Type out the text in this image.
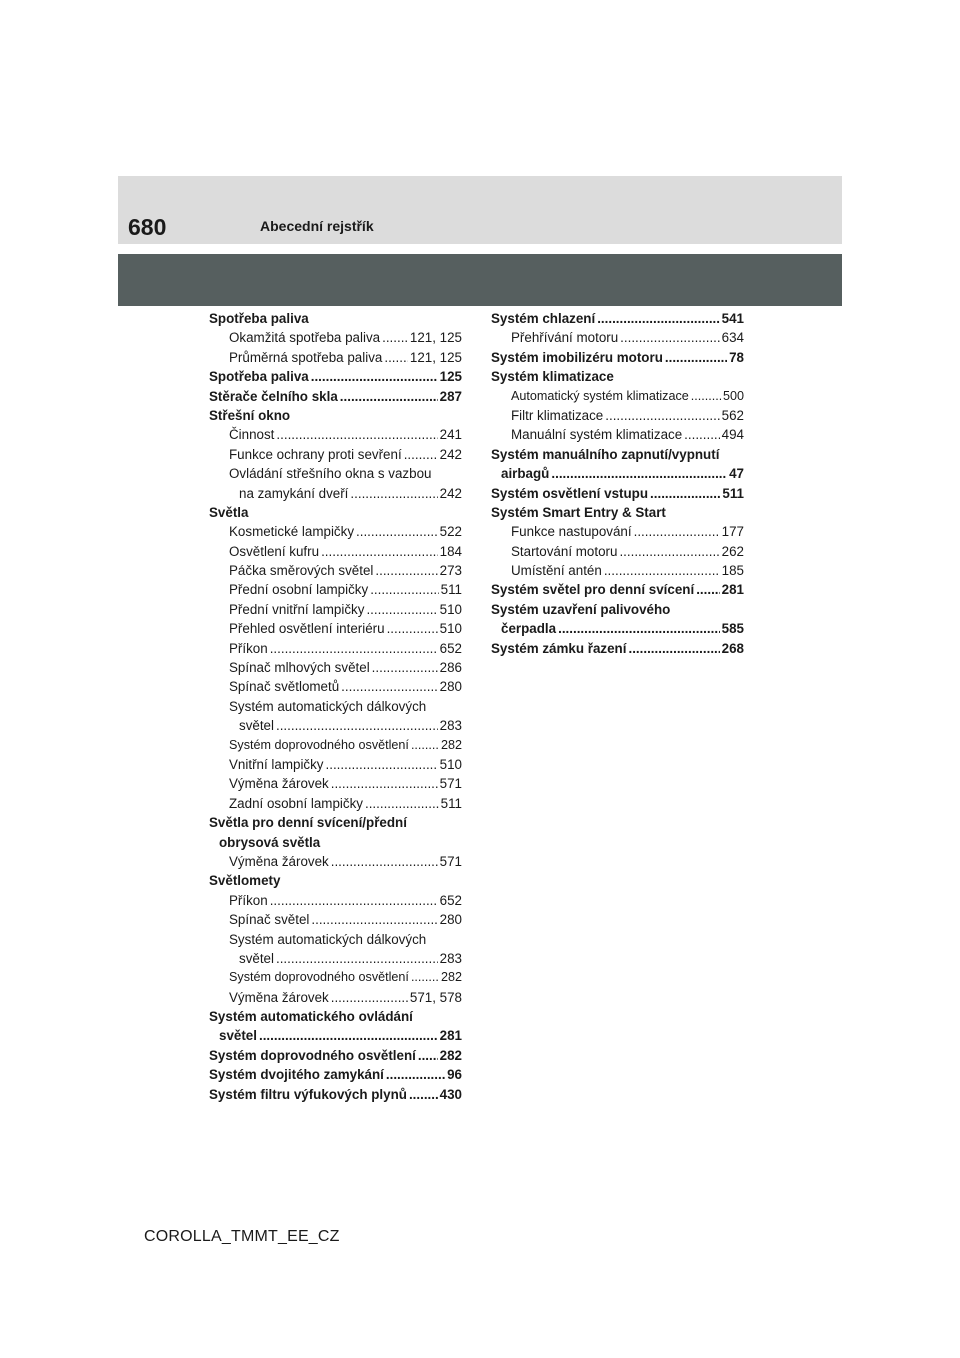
680	Abecední rejstřík
Spotřeba paliva
Okamžitá spotřeba paliva ..... 121, 125
Průměrná spotřeba paliva ..... 121, 125
Spotřeba paliva .....	125
Stěrače čelního skla .....	287
Střešní okno
Činnost .....	241
Funkce ochrany proti sevření .....	242
Ovládání střešního okna s vazbou
na zamykání dveří .....	242
Světla
Kosmetické lampičky .....	522
Osvětlení kufru .....	184
Páčka směrových světel .....	273
Přední osobní lampičky .....	511
Přední vnitřní lampičky .....	510
Přehled osvětlení interiéru .....	510
Příkon .....	652
Spínač mlhových světel .....	286
Spínač světlometů .....	280
Systém automatických dálkových
světel .....	283
Systém doprovodného osvětlení .....	282
Vnitřní lampičky .....	510
Výměna žárovek .....	571
Zadní osobní lampičky .....	511
Světla pro denní svícení/přední
obrysová světla
Výměna žárovek .....	571
Světlomety
Příkon .....	652
Spínač světel .....	280
Systém automatických dálkových
světel .....	283
Systém doprovodného osvětlení .....	282
Výměna žárovek .....	571, 578
Systém automatického ovládání
světel .....	281
Systém doprovodného osvětlení ..... 282
Systém dvojitého zamykání .....	96
Systém filtru výfukových plynů ..... 430
Systém chlazení .....	541
Přehřívání motoru .....	634
Systém imobilizéru motoru .....	78
Systém klimatizace
Automatický systém klimatizace .....	500
Filtr klimatizace .....	562
Manuální systém klimatizace .....	494
Systém manuálního zapnutí/vypnutí
airbagů .....	47
Systém osvětlení vstupu .....	511
Systém Smart Entry & Start
Funkce nastupování .....	177
Startování motoru .....	262
Umístění antén .....	185
Systém světel pro denní svícení ..... 281
Systém uzavření palivového
čerpadla .....	585
Systém zámku řazení .....	268
COROLLA_TMMT_EE_CZ
